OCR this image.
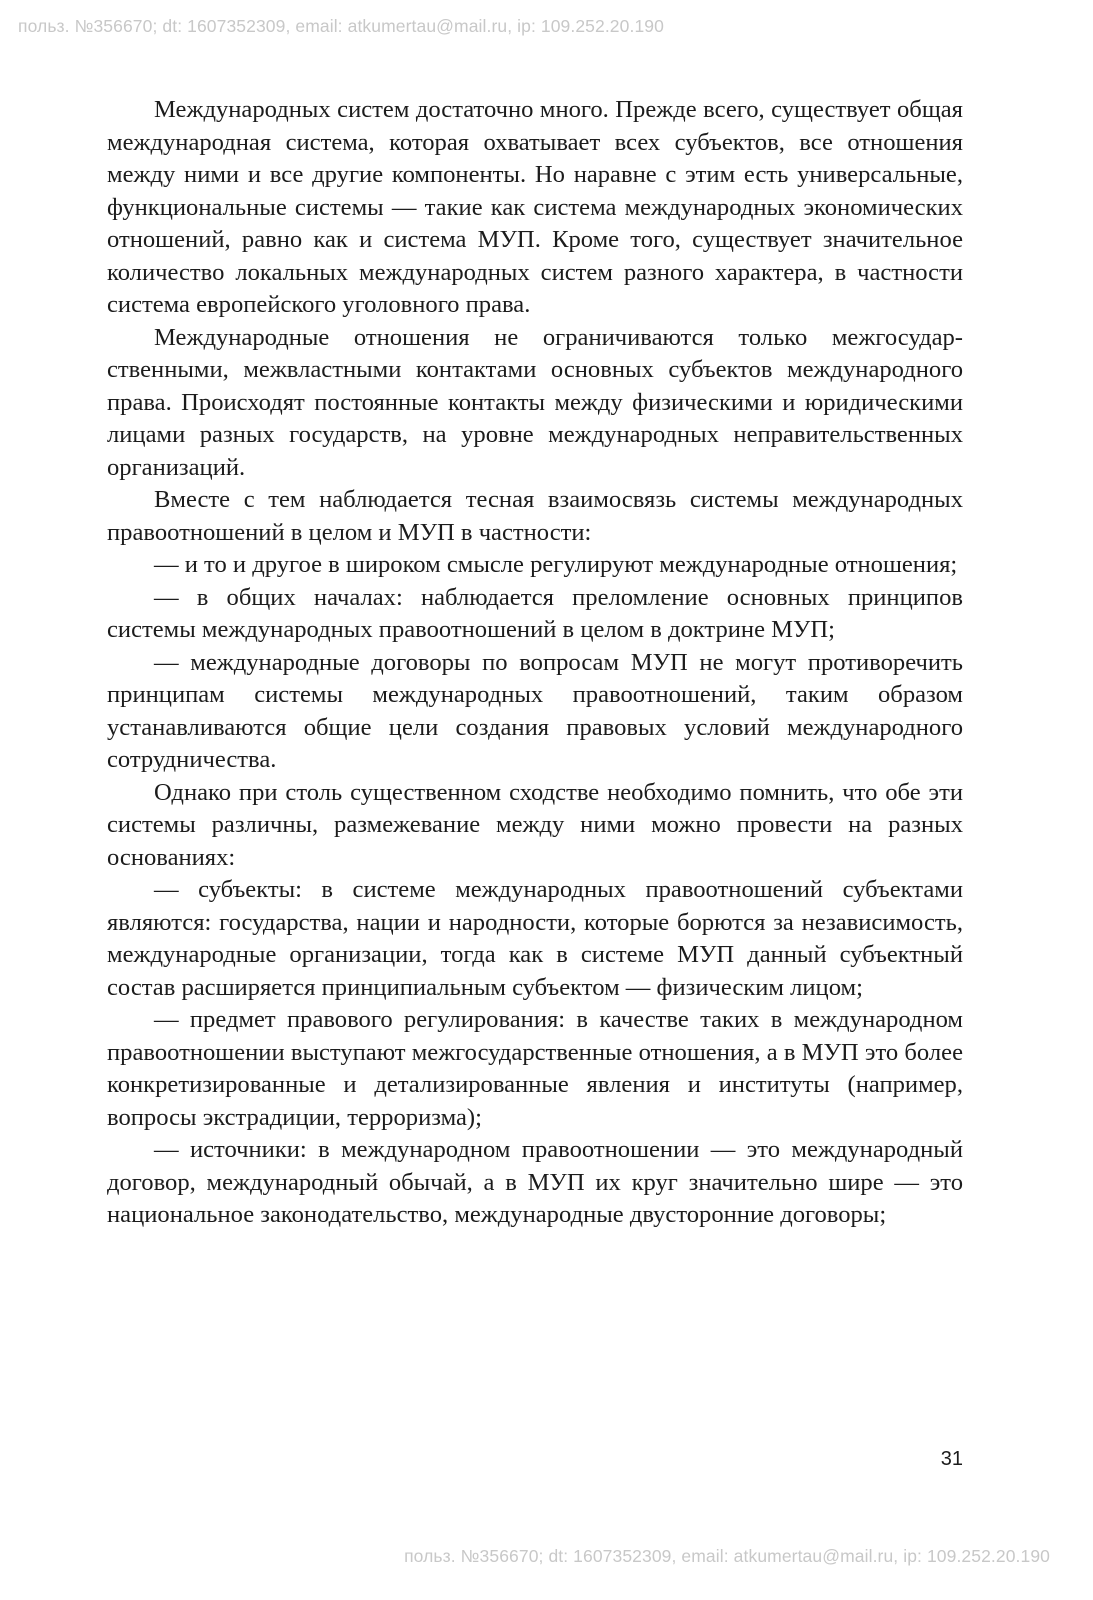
польз. №356670; dt: 1607352309, email: atkumertau@mail.ru, ip: 109.252.20.190

Международных систем достаточно много. Прежде всего, существует общая международная система, которая охватывает всех субъектов, все отношения между ними и все другие компоненты. Но наравне с этим есть универсальные, функциональные системы — такие как система международных экономических отношений, равно как и система МУП. Кроме того, существует значительное количество локальных международных систем разного характера, в частности система европейского уголовного права.

Международные отношения не ограничиваются только межгосударственными, межвластными контактами основных субъектов международного права. Происходят постоянные контакты между физическими и юридическими лицами разных государств, на уровне международных неправительственных организаций.

Вместе с тем наблюдается тесная взаимосвязь системы международных правоотношений в целом и МУП в частности:

— и то и другое в широком смысле регулируют международные отношения;

— в общих началах: наблюдается преломление основных принципов системы международных правоотношений в целом в доктрине МУП;

— международные договоры по вопросам МУП не могут противоречить принципам системы международных правоотношений, таким образом устанавливаются общие цели создания правовых условий международного сотрудничества.

Однако при столь существенном сходстве необходимо помнить, что обе эти системы различны, размежевание между ними можно провести на разных основаниях:

— субъекты: в системе международных правоотношений субъектами являются: государства, нации и народности, которые борются за независимость, международные организации, тогда как в системе МУП данный субъектный состав расширяется принципиальным субъектом — физическим лицом;

— предмет правового регулирования: в качестве таких в международном правоотношении выступают межгосударственные отношения, а в МУП это более конкретизированные и детализированные явления и институты (например, вопросы экстрадиции, терроризма);

— источники: в международном правоотношении — это международный договор, международный обычай, а в МУП их круг значительно шире — это национальное законодательство, международные двусторонние договоры;

31
польз. №356670; dt: 1607352309, email: atkumertau@mail.ru, ip: 109.252.20.190
